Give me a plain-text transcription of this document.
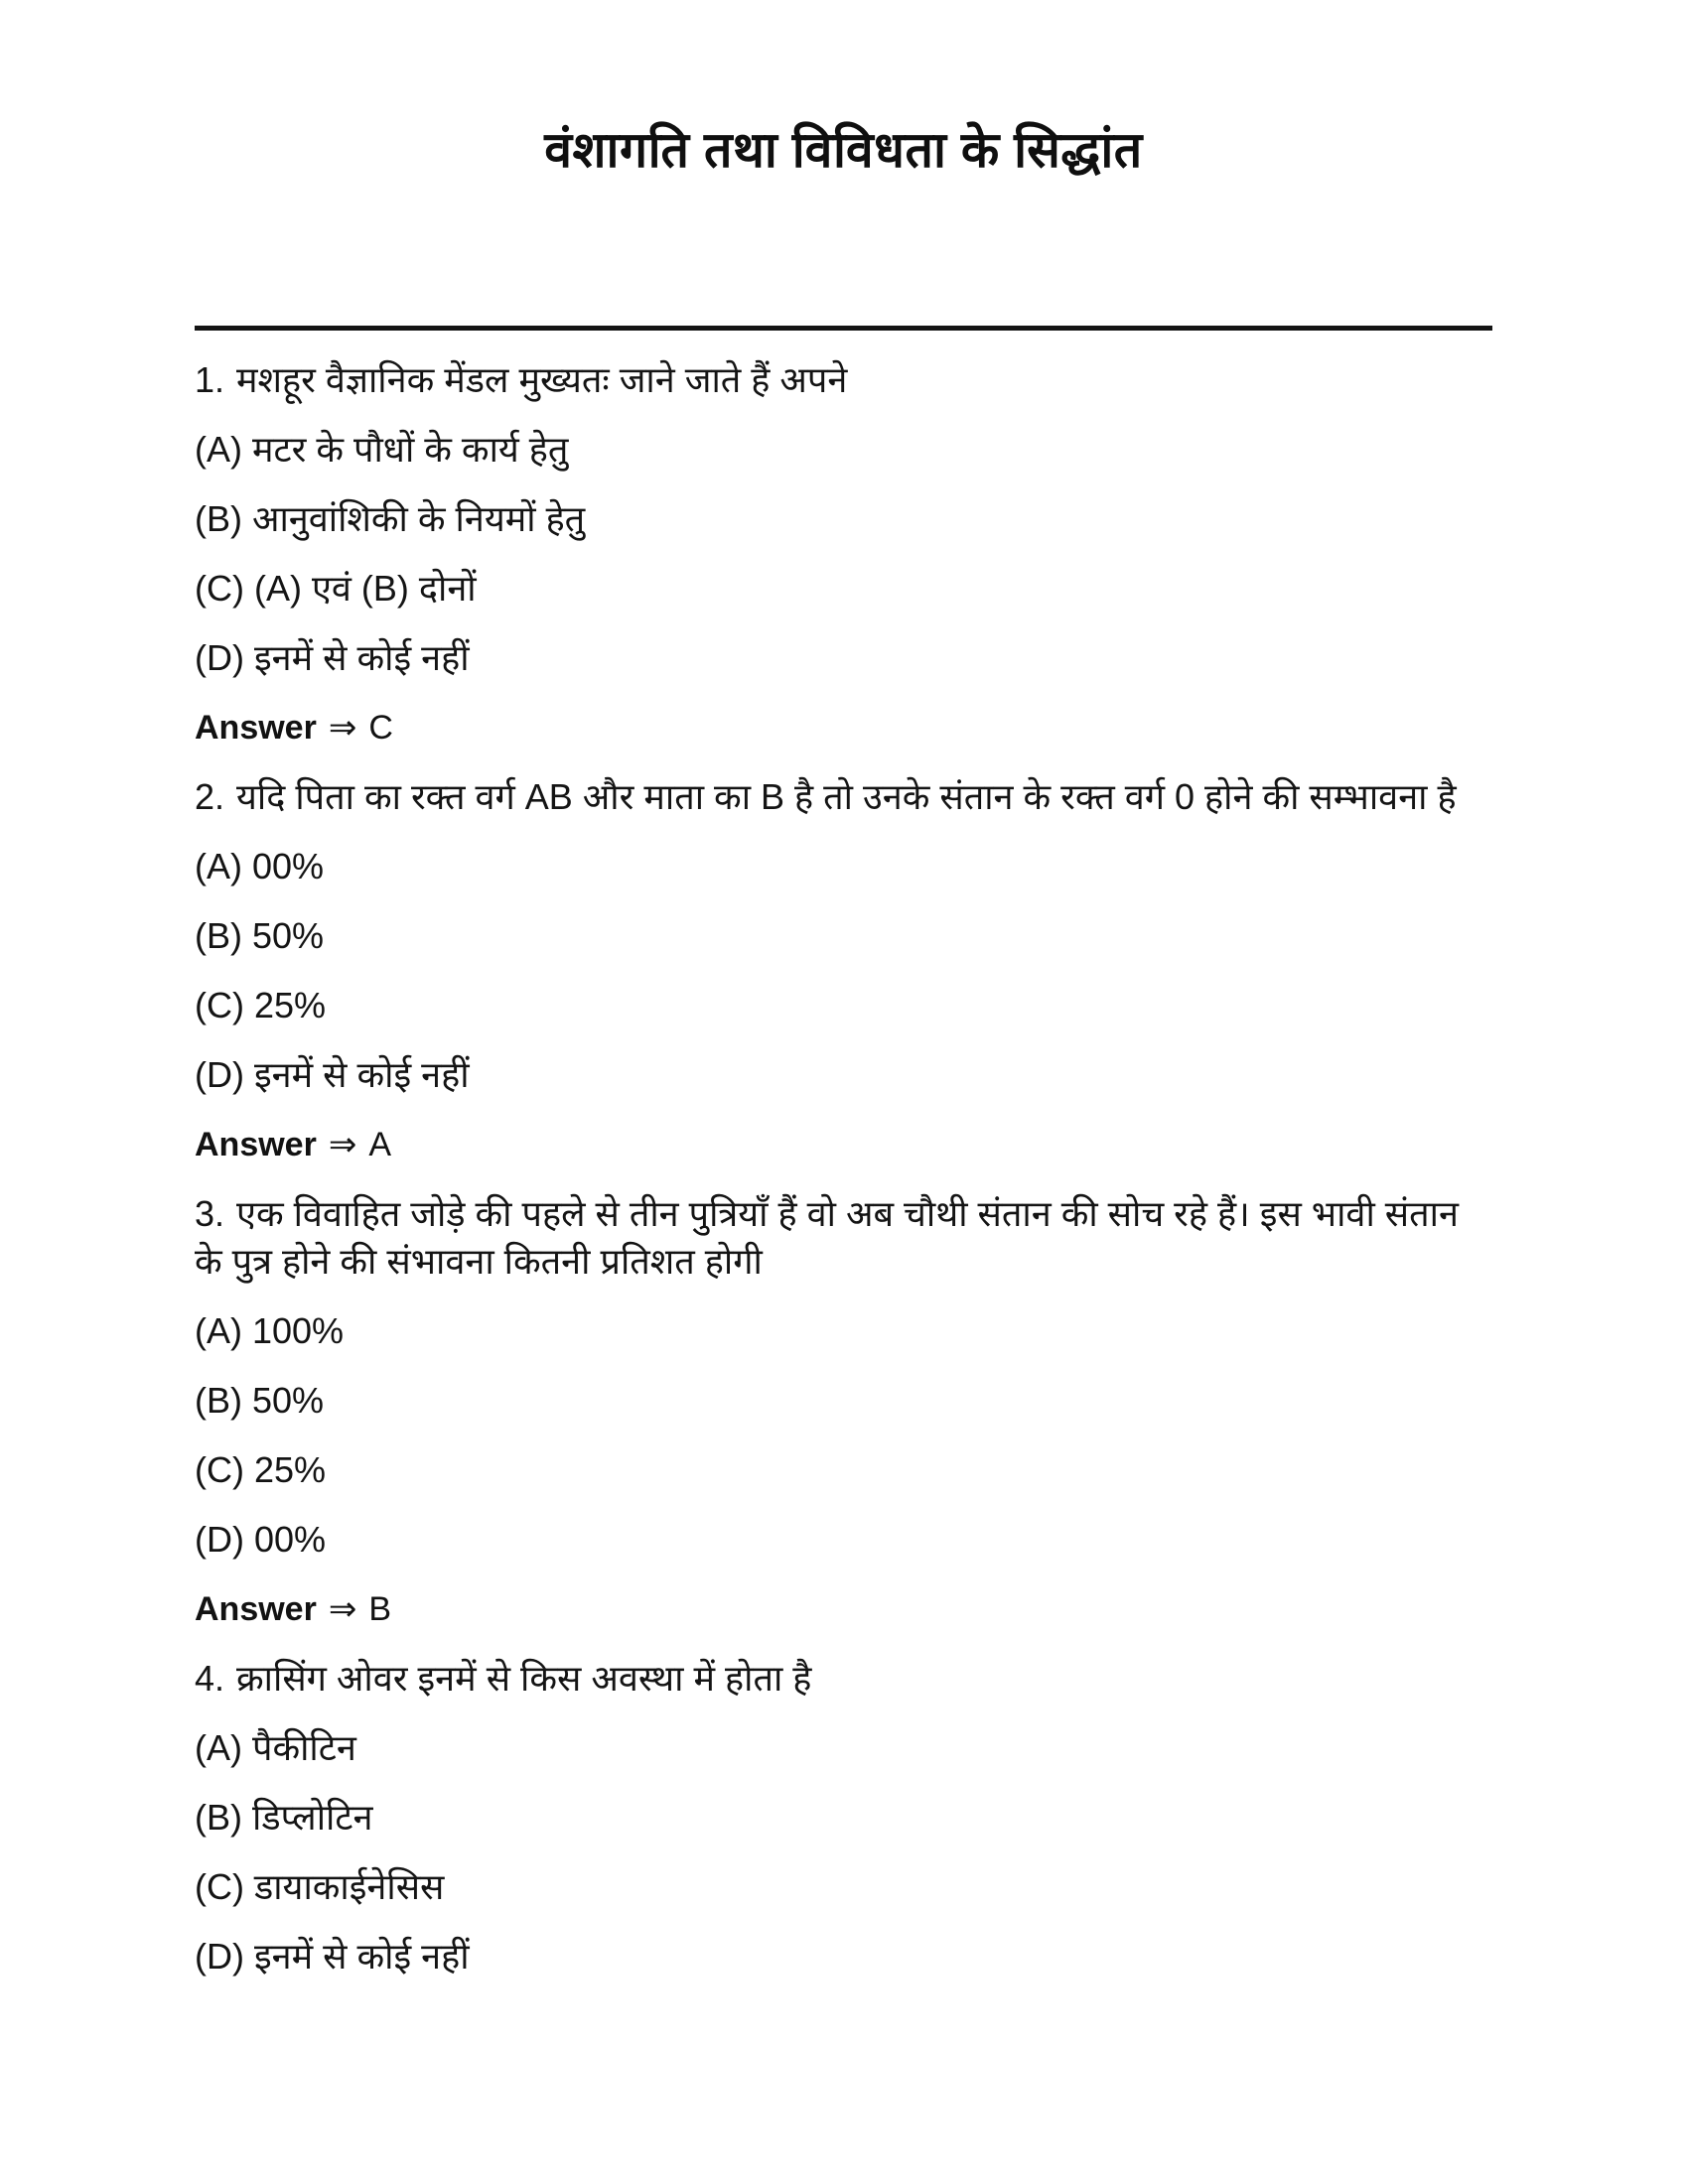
वंशागति तथा विविधता के सिद्धांत

1. मशहूर वैज्ञानिक मेंडल मुख्यतः जाने जाते हैं अपने

(A) मटर के पौधों के कार्य हेतु

(B) आनुवांशिकी के नियमों हेतु

(C) (A) एवं (B) दोनों

(D) इनमें से कोई नहीं

Answer ⇒ C

2. यदि पिता का रक्त वर्ग AB और माता का B है तो उनके संतान के रक्त वर्ग 0 होने की सम्भावना है

(A) 00%

(B) 50%

(C) 25%

(D) इनमें से कोई नहीं

Answer ⇒ A

3. एक विवाहित जोड़े की पहले से तीन पुत्रियाँ हैं वो अब चौथी संतान की सोच रहे हैं। इस भावी संतान के पुत्र होने की संभावना कितनी प्रतिशत होगी

(A) 100%

(B) 50%

(C) 25%

(D) 00%

Answer ⇒ B

4. क्रासिंग ओवर इनमें से किस अवस्था में होता है

(A) पैकीटिन

(B) डिप्लोटिन

(C) डायाकाईनेसिस

(D) इनमें से कोई नहीं
